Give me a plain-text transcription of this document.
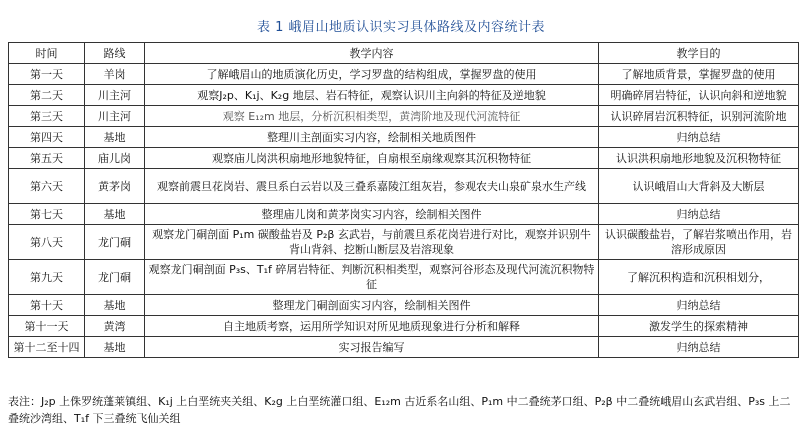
表 1 峨眉山地质认识实习具体路线及内容统计表
时间	路线	教学内容	教学目的
第一天	羊岗	了解峨眉山的地质演化历史，学习罗盘的结构组成，掌握罗盘的使用	了解地质背景，掌握罗盘的使用
第二天	川主河	观察J₂p、K₁j、K₂g 地层、岩石特征，观察认识川主向斜的特征及逆地貌	明确碎屑岩特征，认识向斜和逆地貌
第三天	川主河	观察 E₁₂m 地层，分析沉积相类型，黄湾阶地及现代河流特征	认识碎屑岩沉积特征，识别河流阶地
第四天	基地	整理川主剖面实习内容，绘制相关地质图件	归纳总结
第五天	庙儿岗	观察庙儿岗洪积扇地形地貌特征，自扇根至扇缘观察其沉积物特征	认识洪积扇地形地貌及沉积物特征
第六天	黄茅岗	观察前震旦花岗岩、震旦系白云岩以及三叠系嘉陵江组灰岩，参观农夫山泉矿泉水生产线	认识峨眉山大背斜及大断层
第七天	基地	整理庙儿岗和黄茅岗实习内容，绘制相关图件	归纳总结
第八天	龙门硐	观察龙门硐剖面 P₁m 碳酸盐岩及 P₂β 玄武岩，与前震旦系花岗岩进行对比，观察并识别牛背山背斜、挖断山断层及岩溶现象	认识碳酸盐岩，了解岩浆喷出作用，岩溶形成原因
第九天	龙门硐	观察龙门硐剖面 P₃s、T₁f 碎屑岩特征、判断沉积相类型，观察河谷形态及现代河流沉积物特征	了解沉积构造和沉积相划分，
第十天	基地	整理龙门硐剖面实习内容，绘制相关图件	归纳总结
第十一天	黄湾	自主地质考察，运用所学知识对所见地质现象进行分析和解释	激发学生的探索精神
第十二至十四	基地	实习报告编写	归纳总结
表注：J₂p 上侏罗统蓬莱镇组、K₁j 上白垩统夹关组、K₂g 上白垩统灌口组、E₁₂m 古近系名山组、P₁m 中二叠统茅口组、P₂β 中二叠统峨眉山玄武岩组、P₃s 上二叠统沙湾组、T₁f 下三叠统飞仙关组
